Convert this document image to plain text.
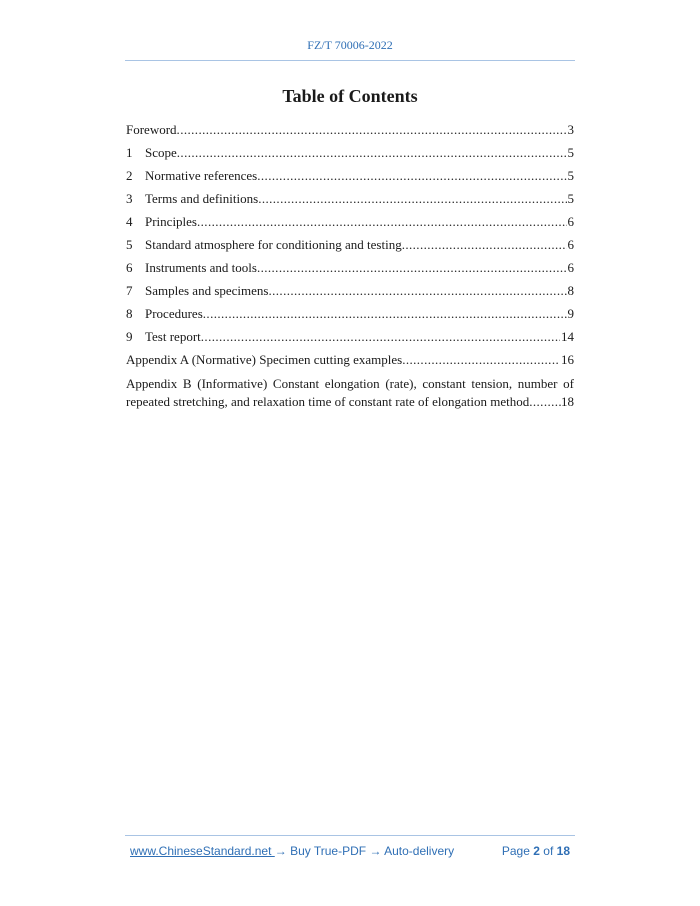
FZ/T 70006-2022
Table of Contents
Foreword .....	3
1 Scope .....	5
2 Normative references .....	5
3 Terms and definitions .....	5
4 Principles .....	6
5 Standard atmosphere for conditioning and testing .....	6
6 Instruments and tools .....	6
7 Samples and specimens .....	8
8 Procedures .....	9
9 Test report .....	14
Appendix A (Normative) Specimen cutting examples .....	16
Appendix B (Informative) Constant elongation (rate), constant tension, number of
repeated stretching, and relaxation time of constant rate of elongation method ..... 18
www.ChineseStandard.net → Buy True-PDF → Auto-delivery	Page 2 of 18
